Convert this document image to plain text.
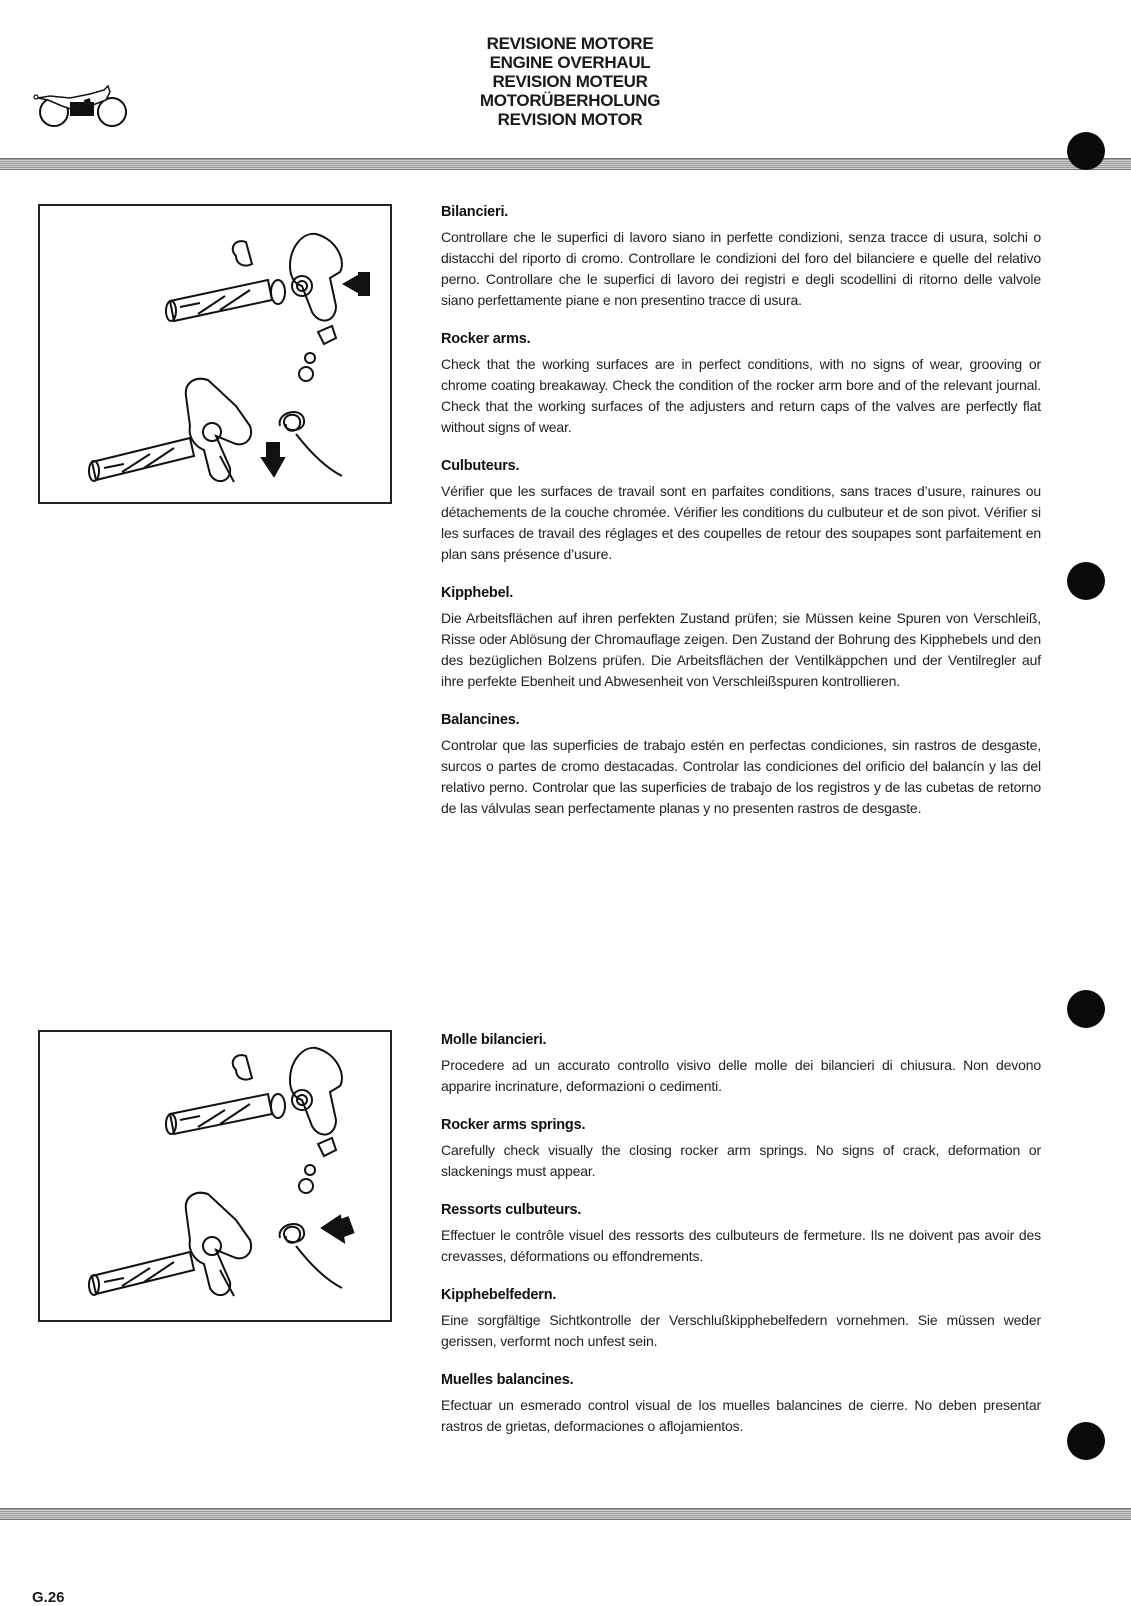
REVISIONE MOTORE
ENGINE OVERHAUL
REVISION MOTEUR
MOTORÜBERHOLUNG
REVISION MOTOR
Bilancieri.

Controllare che le superfici di lavoro siano in perfette condizioni, senza tracce di usura, solchi o distacchi del riporto di cromo. Controllare le condizioni del foro del bilanciere e quelle del relativo perno. Controllare che le superfici di lavoro dei registri e degli scodellini di ritorno delle valvole siano perfettamente piane e non presentino tracce di usura.

Rocker arms.

Check that the working surfaces are in perfect conditions, with no signs of wear, grooving or chrome coating breakaway. Check the condition of the rocker arm bore and of the relevant journal. Check that the working surfaces of the adjusters and return caps of the valves are perfectly flat without signs of wear.

Culbuteurs.

Vérifier que les surfaces de travail sont en parfaites conditions, sans traces d’usure, rainures ou détachements de la couche chromée. Vérifier les conditions du culbuteur et de son pivot. Vérifier si les surfaces de travail des réglages et des coupelles de retour des soupapes sont parfaitement en plan sans présence d’usure.

Kipphebel.

Die Arbeitsflächen auf ihren perfekten Zustand prüfen; sie Müssen keine Spuren von Verschleiß, Risse oder Ablösung der Chromauflage zeigen. Den Zustand der Bohrung des Kipphebels und den des bezüglichen Bolzens prüfen. Die Arbeitsflächen der Ventilkäppchen und der Ventilregler auf ihre perfekte Ebenheit und Abwesenheit von Verschleißspuren kontrollieren.

Balancines.

Controlar que las superficies de trabajo estén en perfectas condiciones, sin rastros de desgaste, surcos o partes de cromo destacadas. Controlar las condiciones del orificio del balancín y las del relativo perno. Controlar que las superficies de trabajo de los registros y de las cubetas de retorno de las válvulas sean perfectamente planas y no presenten rastros de desgaste.

Molle bilancieri.

Procedere ad un accurato controllo visivo delle molle dei bilancieri di chiusura. Non devono apparire incrinature, deformazioni o cedimenti.

Rocker arms springs.

Carefully check visually the closing rocker arm springs. No signs of crack, deformation or slackenings must appear.

Ressorts culbuteurs.

Effectuer le contrôle visuel des ressorts des culbuteurs de fermeture. Ils ne doivent pas avoir des crevasses, déformations ou effondrements.

Kipphebelfedern.

Eine sorgfältige Sichtkontrolle der Verschlußkipphebelfedern vornehmen. Sie müssen weder gerissen, verformt noch unfest sein.

Muelles balancines.

Efectuar un esmerado control visual de los muelles balancines de cierre. No deben presentar rastros de grietas, deformaciones o aflojamientos.

G.26
